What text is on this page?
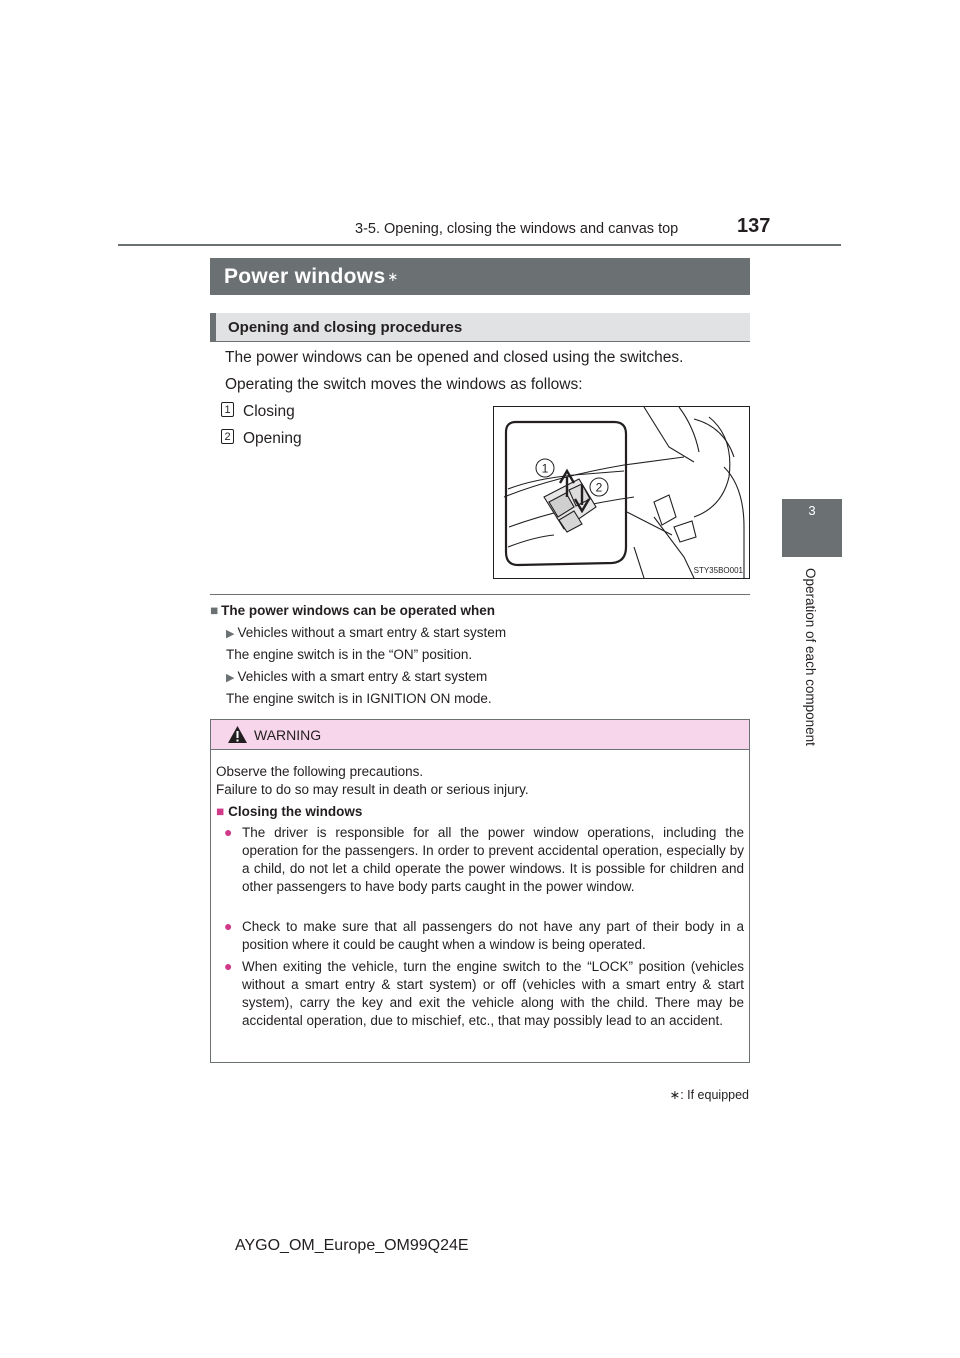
3-5. Opening, closing the windows and canvas top	137
3
Operation of each component
Power windows ∗
Opening and closing procedures
The power windows can be opened and closed using the switches.
Operating the switch moves the windows as follows:
1 Closing
2 Opening
1
2
STY35BO001
■ The power windows can be operated when
▶ Vehicles without a smart entry & start system
The engine switch is in the “ON” position.
▶ Vehicles with a smart entry & start system
The engine switch is in IGNITION ON mode.
WARNING
Observe the following precautions.
Failure to do so may result in death or serious injury.
■ Closing the windows
● The driver is responsible for all the power window operations, including the operation for the passengers. In order to prevent accidental operation, especially by a child, do not let a child operate the power windows. It is possible for children and other passengers to have body parts caught in the power window.
● Check to make sure that all passengers do not have any part of their body in a position where it could be caught when a window is being operated.
● When exiting the vehicle, turn the engine switch to the “LOCK” position (vehicles without a smart entry & start system) or off (vehicles with a smart entry & start system), carry the key and exit the vehicle along with the child. There may be accidental operation, due to mischief, etc., that may possibly lead to an accident.
∗: If equipped
AYGO_OM_Europe_OM99Q24E
